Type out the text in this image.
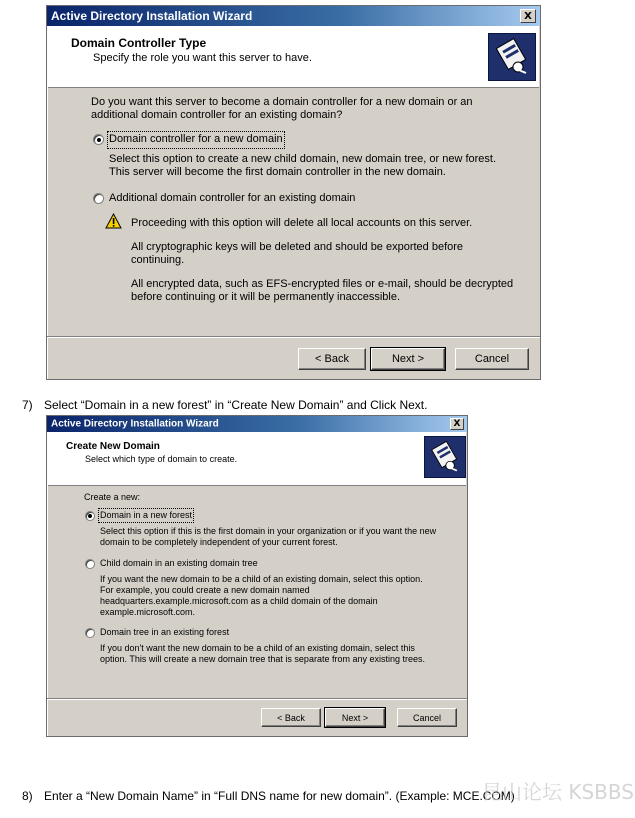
Active Directory Installation Wizard	X
Domain Controller Type
Specify the role you want this server to have.
Do you want this server to become a domain controller for a new domain or an
additional domain controller for an existing domain?
Domain controller for a new domain
Select this option to create a new child domain, new domain tree, or new forest.
This server will become the first domain controller in the new domain.
Additional domain controller for an existing domain
Proceeding with this option will delete all local accounts on this server.
All cryptographic keys will be deleted and should be exported before
continuing.
All encrypted data, such as EFS-encrypted files or e-mail, should be decrypted
before continuing or it will be permanently inaccessible.
< Back	Next >	Cancel
7) Select “Domain in a new forest” in “Create New Domain” and Click Next.
Active Directory Installation Wizard	X
Create New Domain
Select which type of domain to create.
Create a new:
Domain in a new forest
Select this option if this is the first domain in your organization or if you want the new
domain to be completely independent of your current forest.
Child domain in an existing domain tree
If you want the new domain to be a child of an existing domain, select this option.
For example, you could create a new domain named
headquarters.example.microsoft.com as a child domain of the domain
example.microsoft.com.
Domain tree in an existing forest
If you don't want the new domain to be a child of an existing domain, select this
option. This will create a new domain tree that is separate from any existing trees.
< Back	Next >	Cancel
8) Enter a “New Domain Name” in “Full DNS name for new domain”. (Example: MCE.COM)
昆山论坛 KSBBS
